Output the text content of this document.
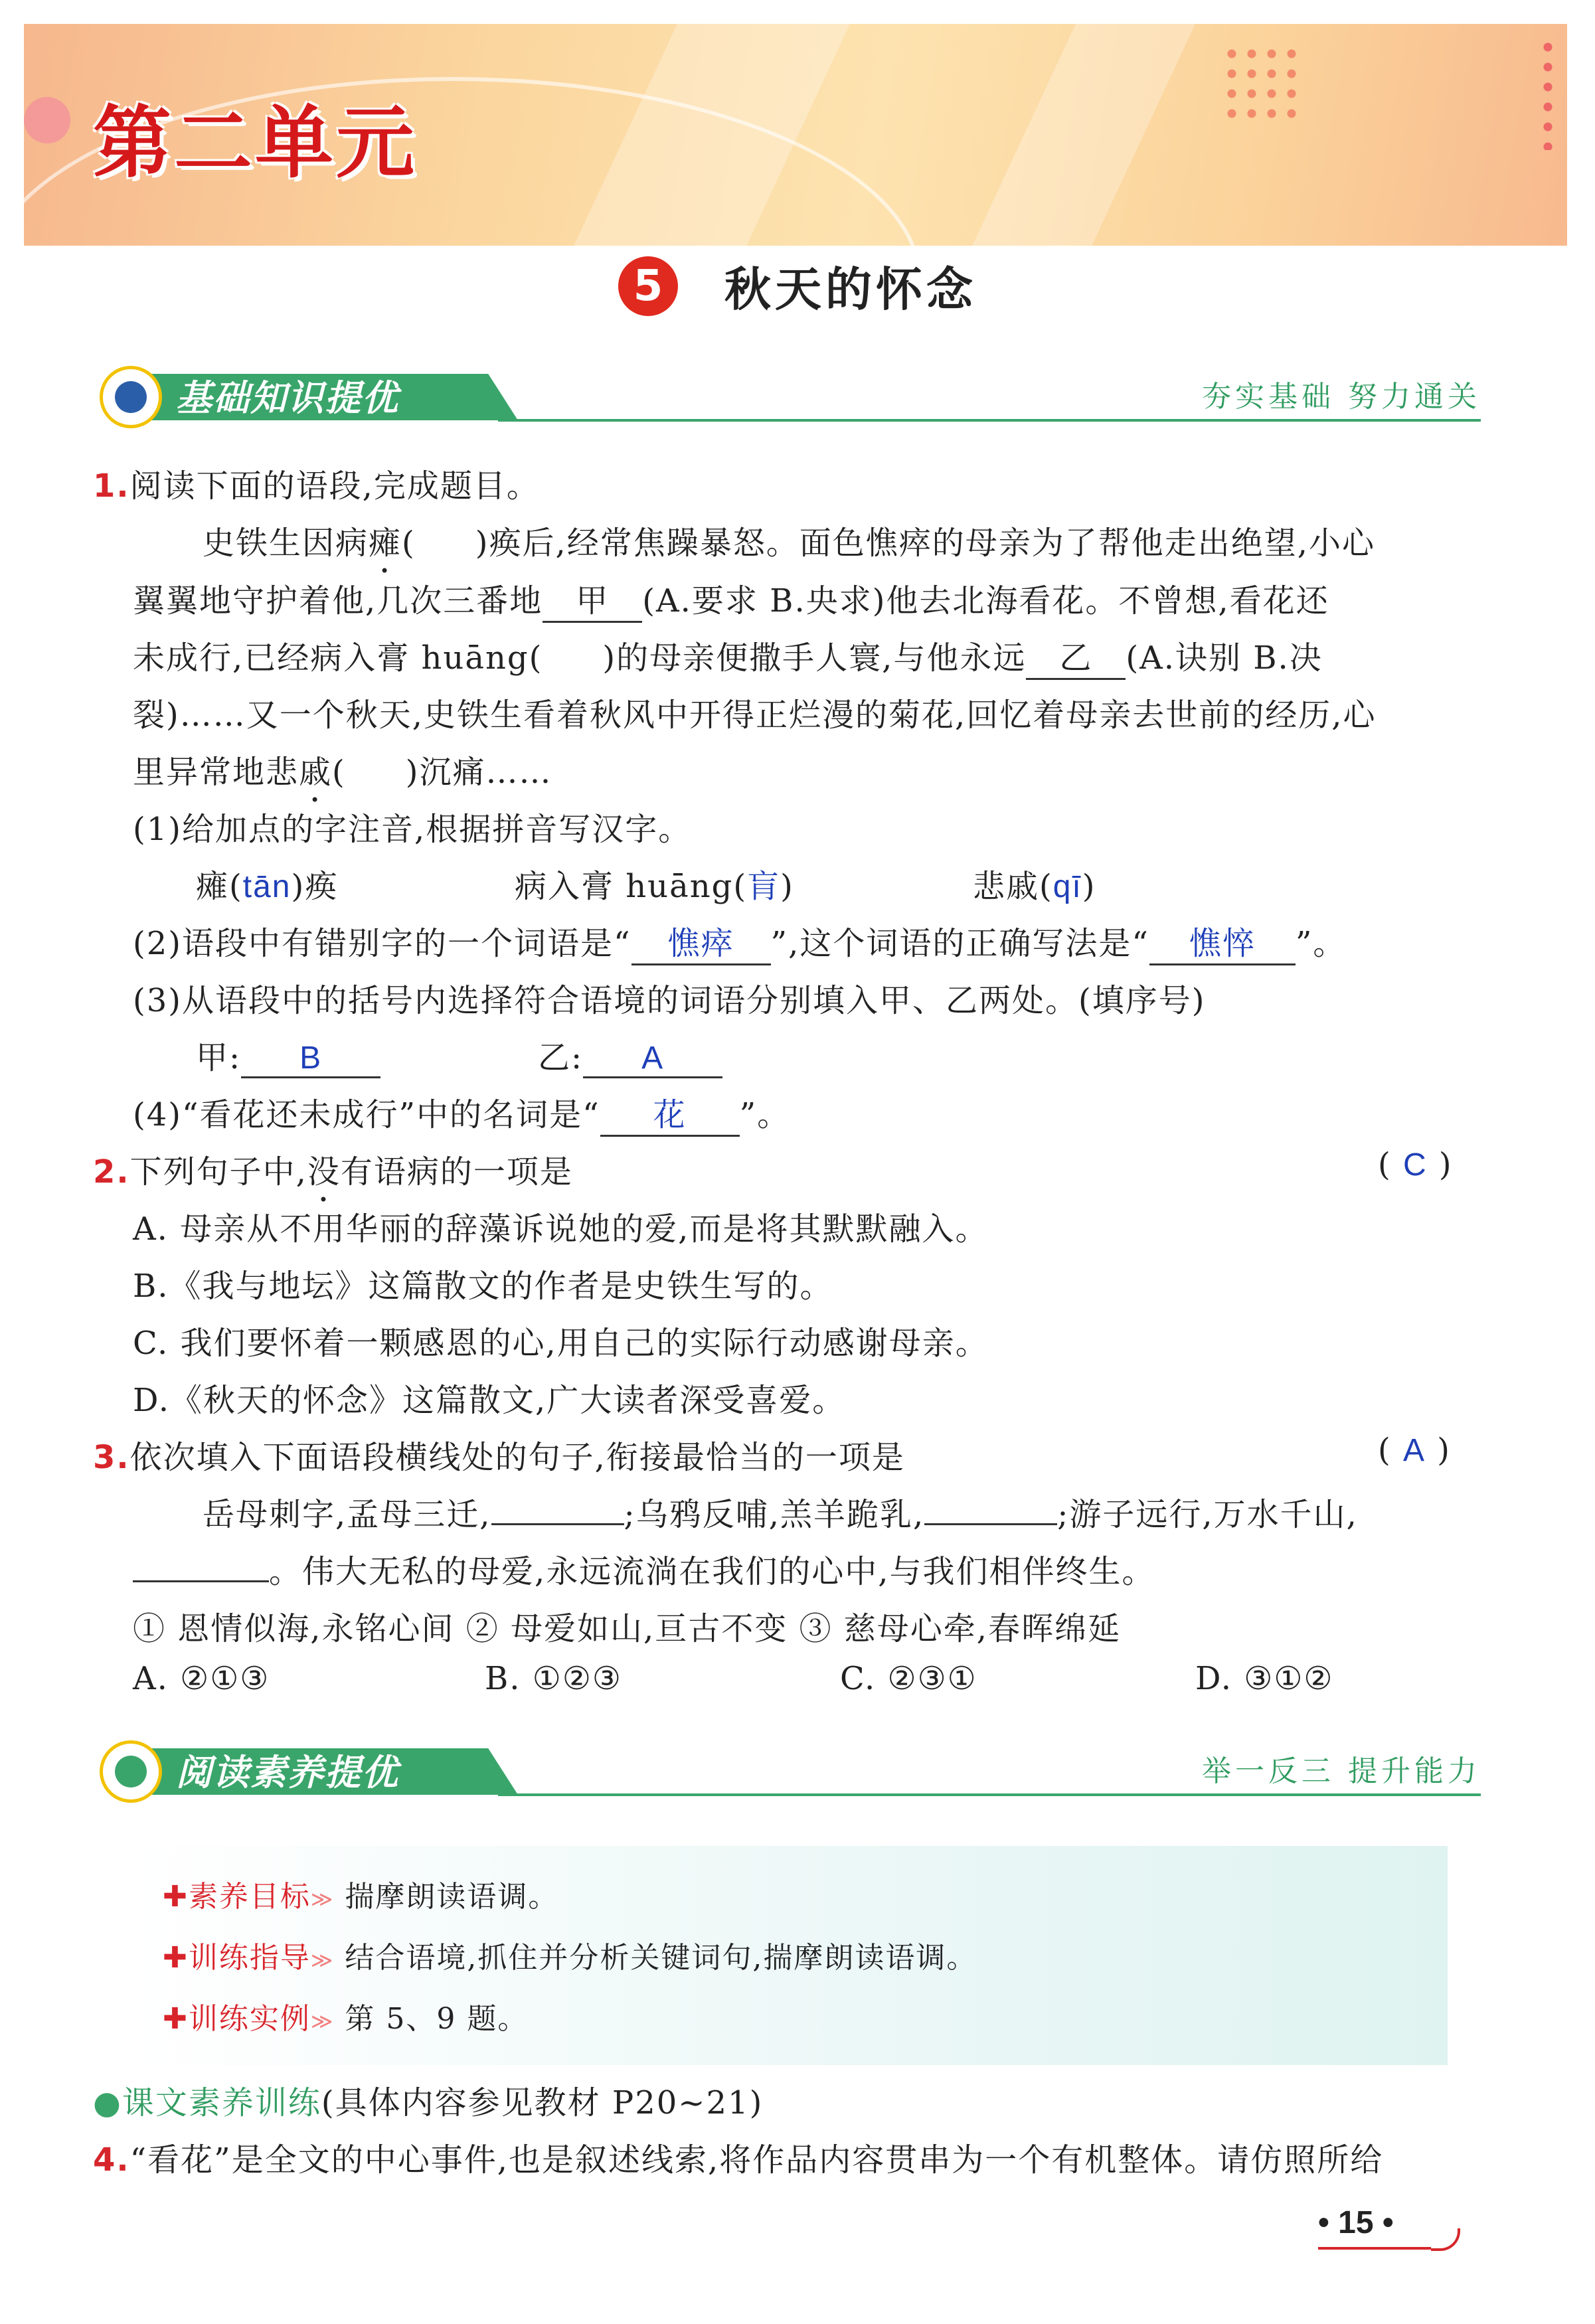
第二单元
5 秋天的怀念
基础知识提优	夯实基础 努力通关
1.阅读下面的语段,完成题目。
史铁生因病瘫( )痪后,经常焦躁暴怒。面色憔瘁的母亲为了帮他走出绝望,小心
翼翼地守护着他,几次三番地 甲 (A.要求 B.央求)他去北海看花。不曾想,看花还
未成行,已经病入膏 huāng( )的母亲便撒手人寰,与他永远 乙 (A.诀别 B.决
裂)……又一个秋天,史铁生看着秋风中开得正烂漫的菊花,回忆着母亲去世前的经历,心
里异常地悲戚( )沉痛……
(1)给加点的字注音,根据拼音写汉字。
瘫(tān)痪	病入膏 huāng(肓)	悲戚(qī)
(2)语段中有错别字的一个词语是“ 憔瘁 ”,这个词语的正确写法是“ 憔悴 ”。
(3)从语段中的括号内选择符合语境的词语分别填入甲、乙两处。(填序号)
甲: B	乙: A
(4)“看花还未成行”中的名词是“ 花 ”。
2.下列句子中,没有语病的一项是	( C )
A. 母亲从不用华丽的辞藻诉说她的爱,而是将其默默融入。
B.《我与地坛》这篇散文的作者是史铁生写的。
C. 我们要怀着一颗感恩的心,用自己的实际行动感谢母亲。
D.《秋天的怀念》这篇散文,广大读者深受喜爱。
3.依次填入下面语段横线处的句子,衔接最恰当的一项是	( A )
岳母刺字,孟母三迁,	;乌鸦反哺,羔羊跪乳,	;游子远行,万水千山,
。伟大无私的母爱,永远流淌在我们的心中,与我们相伴终生。
① 恩情似海,永铭心间 ② 母爱如山,亘古不变 ③ 慈母心牵,春晖绵延
A. ②①③	B. ①②③	C. ②③①	D. ③①②
阅读素养提优	举一反三 提升能力
✚素养目标≫ 揣摩朗读语调。
✚训练指导≫ 结合语境,抓住并分析关键词句,揣摩朗读语调。
✚训练实例≫ 第 5、9 题。
●课文素养训练(具体内容参见教材 P20~21)
4.“看花”是全文的中心事件,也是叙述线索,将作品内容贯串为一个有机整体。请仿照所给
• 15 •
